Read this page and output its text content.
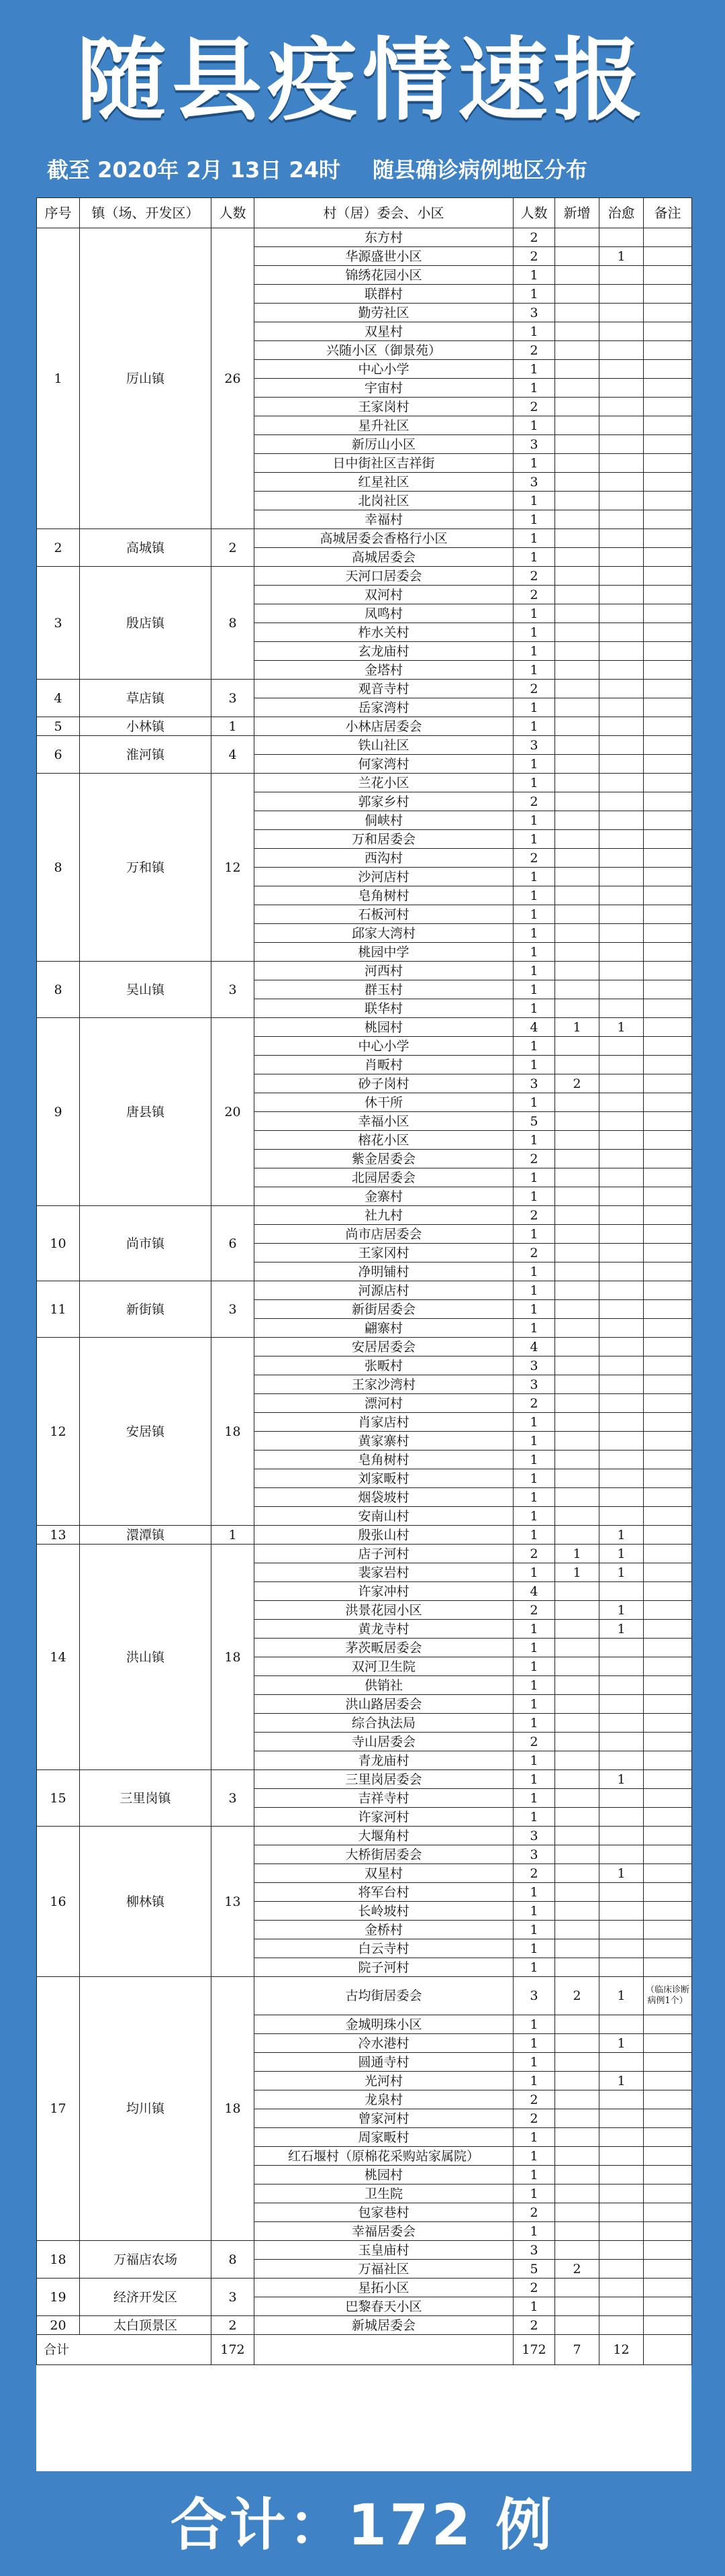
随县疫情速报
截至 2020年 2月 13日 24时 随县确诊病例地区分布
序号	镇（场、开发区）	人数	村（居）委会、小区	人数	新增	治愈	备注
1	厉山镇	26	东方村	2			
			华源盛世小区	2		1	
			锦绣花园小区	1			
			联群村	1			
			勤劳社区	3			
			双星村	1			
			兴随小区（御景苑）	2			
			中心小学	1			
			宇宙村	1			
			王家岗村	2			
			星升社区	1			
			新厉山小区	3			
			日中街社区吉祥街	1			
			红星社区	3			
			北岗社区	1			
			幸福村	1			
2	高城镇	2	高城居委会香格行小区	1			
			高城居委会	1			
3	殷店镇	8	天河口居委会	2			
			双河村	2			
			凤鸣村	1			
			柞水关村	1			
			玄龙庙村	1			
			金塔村	1			
4	草店镇	3	观音寺村	2			
			岳家湾村	1			
5	小林镇	1	小林店居委会	1			
6	淮河镇	4	铁山社区	3			
			何家湾村	1			
8	万和镇	12	兰花小区	1			
			郭家乡村	2			
			侗峡村	1			
			万和居委会	1			
			西沟村	2			
			沙河店村	1			
			皂角树村	1			
			石板河村	1			
			邱家大湾村	1			
			桃园中学	1			
8	吴山镇	3	河西村	1			
			群玉村	1			
			联华村	1			
9	唐县镇	20	桃园村	4	1	1	
			中心小学	1			
			肖畈村	1			
			砂子岗村	3	2		
			休干所	1			
			幸福小区	5			
			榕花小区	1			
			紫金居委会	2			
			北园居委会	1			
			金寨村	1			
10	尚市镇	6	社九村	2			
			尚市店居委会	1			
			王家冈村	2			
			净明铺村	1			
11	新街镇	3	河源店村	1			
			新街居委会	1			
			翩寨村	1			
12	安居镇	18	安居居委会	4			
			张畈村	3			
			王家沙湾村	3			
			漂河村	2			
			肖家店村	1			
			黄家寨村	1			
			皂角树村	1			
			刘家畈村	1			
			烟袋坡村	1			
			安南山村	1			
13	澴潭镇	1	殷张山村	1		1	
14	洪山镇	18	店子河村	2	1	1	
			裴家岩村	1	1	1	
			许家冲村	4			
			洪景花园小区	2		1	
			黄龙寺村	1		1	
			茅茨畈居委会	1			
			双河卫生院	1			
			供销社	1			
			洪山路居委会	1			
			综合执法局	1			
			寺山居委会	2			
			青龙庙村	1			
15	三里岗镇	3	三里岗居委会	1		1	
			吉祥寺村	1			
			许家河村	1			
16	柳林镇	13	大堰角村	3			
			大桥街居委会	3			
			双星村	2		1	
			将军台村	1			
			长岭坡村	1			
			金桥村	1			
			白云寺村	1			
			院子河村	1			
17	均川镇	18	古均街居委会	3	2	1	（临床诊断病例1个）
			金城明珠小区	1			
			冷水港村	1		1	
			圆通寺村	1			
			光河村	1		1	
			龙泉村	2			
			曾家河村	2			
			周家畈村	1			
			红石堰村（原棉花采购站家属院）	1			
			桃园村	1			
			卫生院	1			
			包家巷村	2			
			幸福居委会	1			
18	万福店农场	8	玉皇庙村	3			
			万福社区	5	2		
19	经济开发区	3	星拓小区	2			
			巴黎春天小区	1			
20	太白顶景区	2	新城居委会	2			
合计		172		172	7	12	
合计：172 例
